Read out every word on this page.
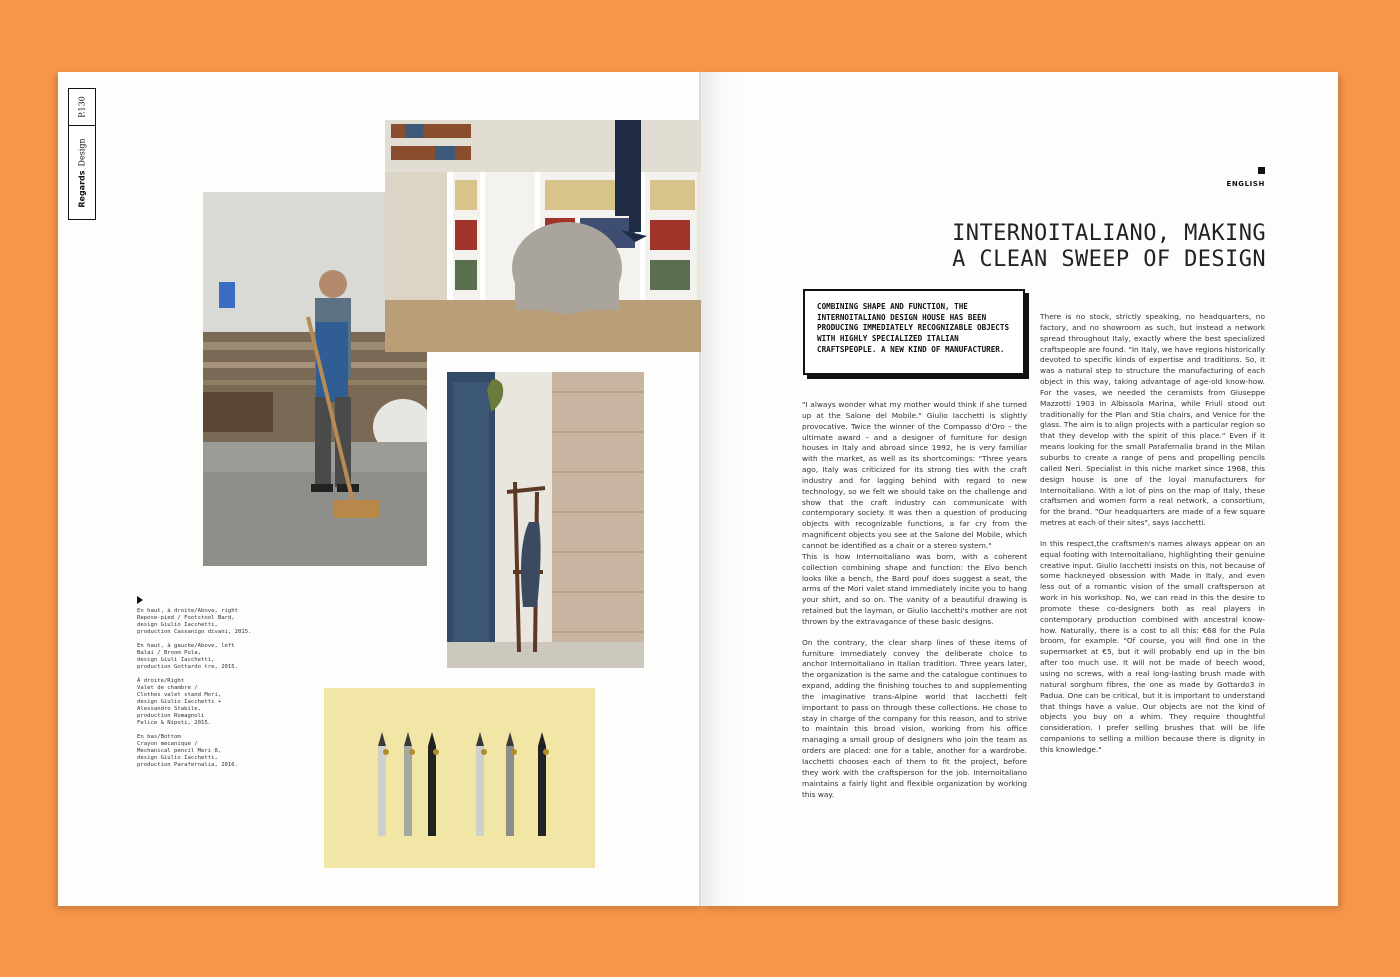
P.130
RegardsDesign
En haut, à droite/Above, right
Repose-pied / Footstool Bard,
design Giulio Iacchetti,
production Cassanigo divani, 2015.
En haut, à gauche/Above, left
Balai / Broom Pula,
design Giuli Iacchetti,
production Gottardo tre, 2015.
À droite/Right
Valet de chambre /
Clothes valet stand Mori,
design Giulio Iacchetti +
Alessandro Stabile,
production Romagnoli
Felice & Nipoti, 2015.
En bas/Bottom
Crayon mécanique /
Mechanical pencil Meri 8,
design Giulio Iacchetti,
production Parafernalia, 2016.
ENGLISH
INTERNOITALIANO, MAKING
A CLEAN SWEEP OF DESIGN

COMBINING SHAPE AND FUNCTION, THE INTERNOITALIANO DESIGN HOUSE HAS BEEN PRODUCING IMMEDIATELY RECOGNIZABLE OBJECTS WITH HIGHLY SPECIALIZED ITALIAN CRAFTSPEOPLE. A NEW KIND OF MANUFACTURER.

"I always wonder what my mother would think if she turned up at the Salone del Mobile." Giulio Iacchetti is slightly provocative. Twice the winner of the Compasso d'Oro – the ultimate award – and a designer of furniture for design houses in Italy and abroad since 1992, he is very familiar with the market, as well as its shortcomings: "Three years ago, Italy was criticized for its strong ties with the craft industry and for lagging behind with regard to new technology, so we felt we should take on the challenge and show that the craft industry can communicate with contemporary society. It was then a question of producing objects with recognizable functions, a far cry from the magnificent objects you see at the Salone del Mobile, which cannot be identified as a chair or a stereo system."

This is how Internoitaliano was born, with a coherent collection combining shape and function: the Elvo bench looks like a bench, the Bard pouf does suggest a seat, the arms of the Mori valet stand immediately incite you to hang your shirt, and so on. The vanity of a beautiful drawing is retained but the layman, or Giulio Iacchetti's mother are not thrown by the extravagance of these basic designs.

On the contrary, the clear sharp lines of these items of furniture immediately convey the deliberate choice to anchor Internoitaliano in Italian tradition. Three years later, the organization is the same and the catalogue continues to expand, adding the finishing touches to and supplementing the imaginative trans-Alpine world that Iacchetti felt important to pass on through these collections. He chose to stay in charge of the company for this reason, and to strive to maintain this broad vision, working from his office managing a small group of designers who join the team as orders are placed: one for a table, another for a wardrobe. Iacchetti chooses each of them to fit the project, before they work with the craftsperson for the job. Internoitaliano maintains a fairly light and flexible organization by working this way.

There is no stock, strictly speaking, no headquarters, no factory, and no showroom as such, but instead a network spread throughout Italy, exactly where the best specialized craftspeople are found. "In Italy, we have regions historically devoted to specific kinds of expertise and traditions. So, it was a natural step to structure the manufacturing of each object in this way, taking advantage of age-old know-how. For the vases, we needed the ceramists from Giuseppe Mazzotti 1903 in Albissola Marina, while Friuli stood out traditionally for the Plan and Stia chairs, and Venice for the glass. The aim is to align projects with a particular region so that they develop with the spirit of this place." Even if it means looking for the small Parafernalia brand in the Milan suburbs to create a range of pens and propelling pencils called Neri. Specialist in this niche market since 1968, this design house is one of the loyal manufacturers for Internoitaliano. With a lot of pins on the map of Italy, these craftsmen and women form a real network, a consortium, for the brand. "Our headquarters are made of a few square metres at each of their sites", says Iacchetti.

In this respect,the craftsmen's names always appear on an equal footing with Internoitaliano, highlighting their genuine creative input. Giulio Iacchetti insists on this, not because of some hackneyed obsession with Made in Italy, and even less out of a romantic vision of the small craftsperson at work in his workshop. No, we can read in this the desire to promote these co-designers both as real players in contemporary production combined with ancestral know-how. Naturally, there is a cost to all this: €68 for the Pula broom, for example. "Of course, you will find one in the supermarket at €5, but it will probably end up in the bin after too much use. It will not be made of beech wood, using no screws, with a real long-lasting brush made with natural sorghum fibres, the one as made by Gottardo3 in Padua. One can be critical, but it is important to understand that things have a value. Our objects are not the kind of objects you buy on a whim. They require thoughtful consideration. I prefer selling brushes that will be life companions to selling a million because there is dignity in this knowledge."
